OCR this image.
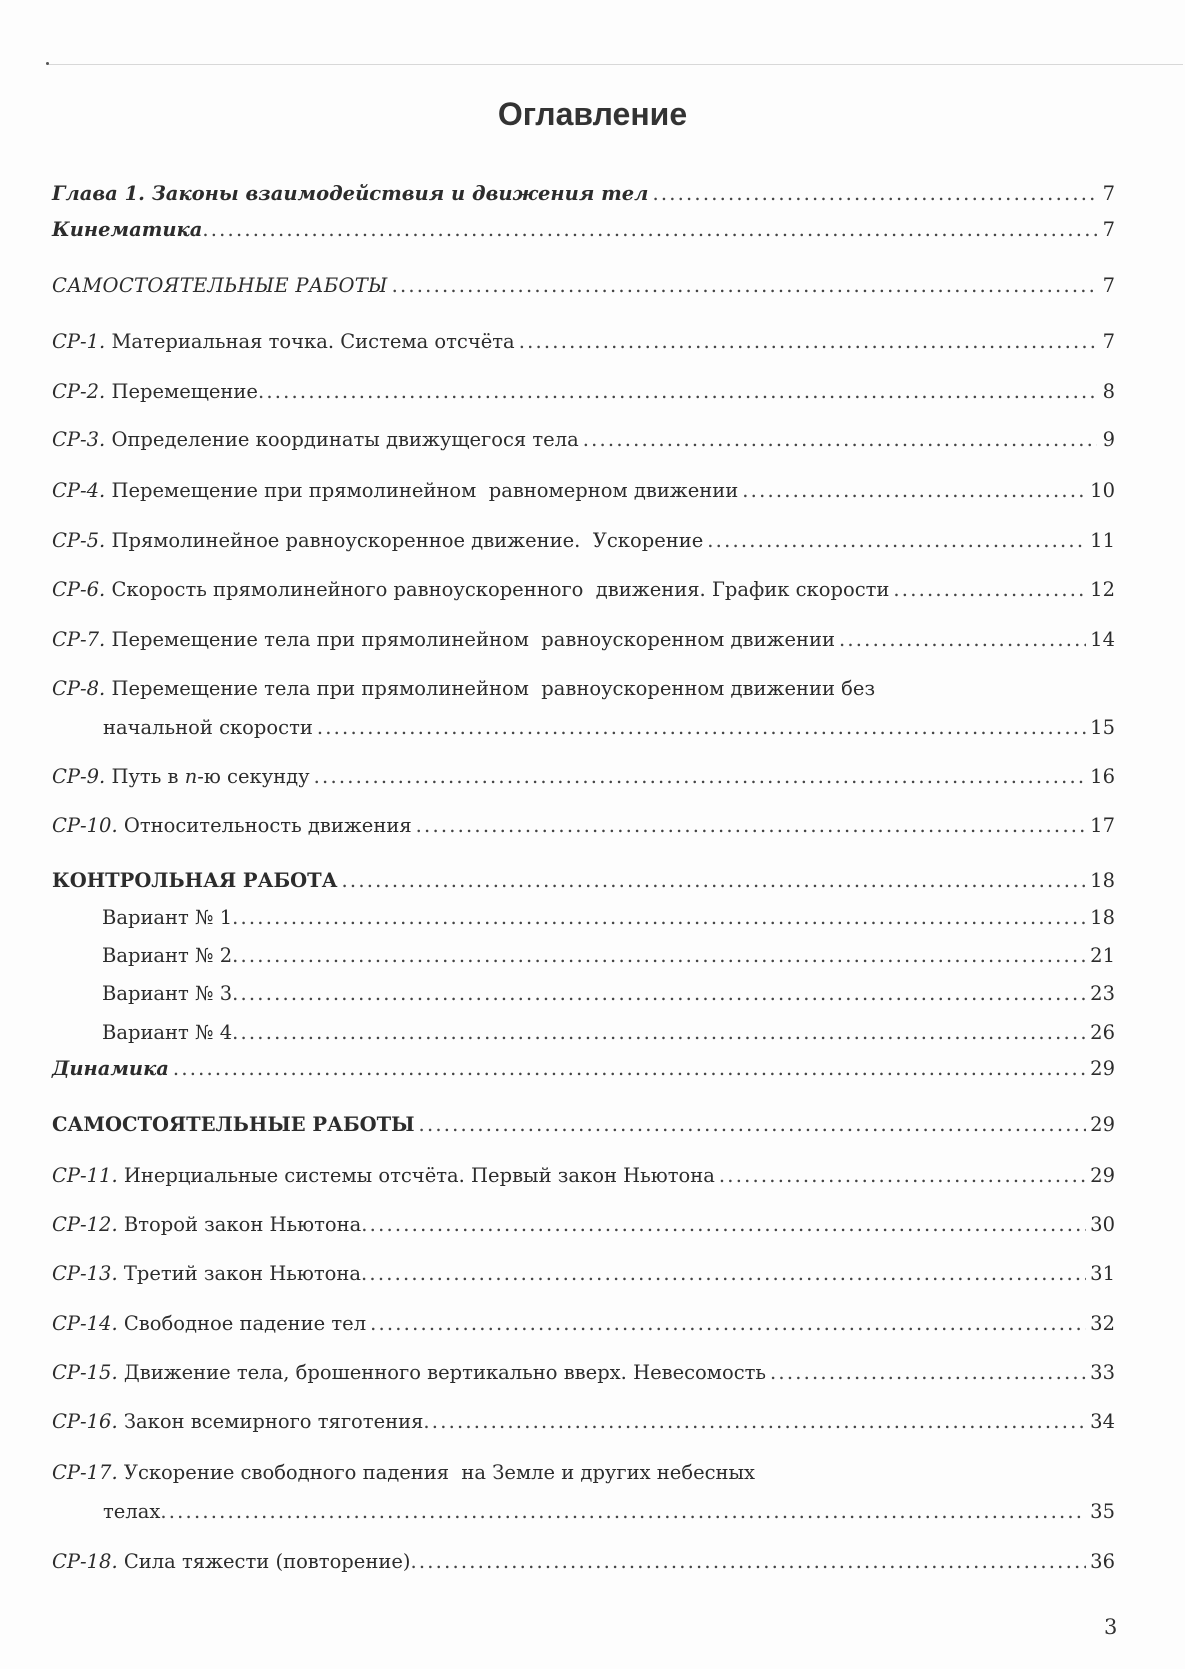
Оглавление
Глава 1. Законы взаимодействия и движения тел .....	7
Кинематика .....	7
САМОСТОЯТЕЛЬНЫЕ РАБОТЫ .....	7
СР-1. Материальная точка. Система отсчёта .....	7
СР-2. Перемещение .....	8
СР-3. Определение координаты движущегося тела .....	9
СР-4. Перемещение при прямолинейном  равномерном движении .....	10
СР-5. Прямолинейное равноускоренное движение.  Ускорение .....	11
СР-6. Скорость прямолинейного равноускоренного  движения. График скорости .....	12
СР-7. Перемещение тела при прямолинейном  равноускоренном движении .....	14
СР-8. Перемещение тела при прямолинейном  равноускоренном движении без
начальной скорости .....	15
СР-9. Путь в n-ю секунду .....	16
СР-10. Относительность движения .....	17
КОНТРОЛЬНАЯ РАБОТА .....	18
Вариант № 1 .....	18
Вариант № 2 .....	21
Вариант № 3 .....	23
Вариант № 4 .....	26
Динамика .....	29
САМОСТОЯТЕЛЬНЫЕ РАБОТЫ .....	29
СР-11. Инерциальные системы отсчёта. Первый закон Ньютона .....	29
СР-12. Второй закон Ньютона .....	30
СР-13. Третий закон Ньютона .....	31
СР-14. Свободное падение тел .....	32
СР-15. Движение тела, брошенного вертикально вверх. Невесомость .....	33
СР-16. Закон всемирного тяготения .....	34
СР-17. Ускорение свободного падения  на Земле и других небесных
телах .....	35
СР-18. Сила тяжести (повторение) .....	36
3
